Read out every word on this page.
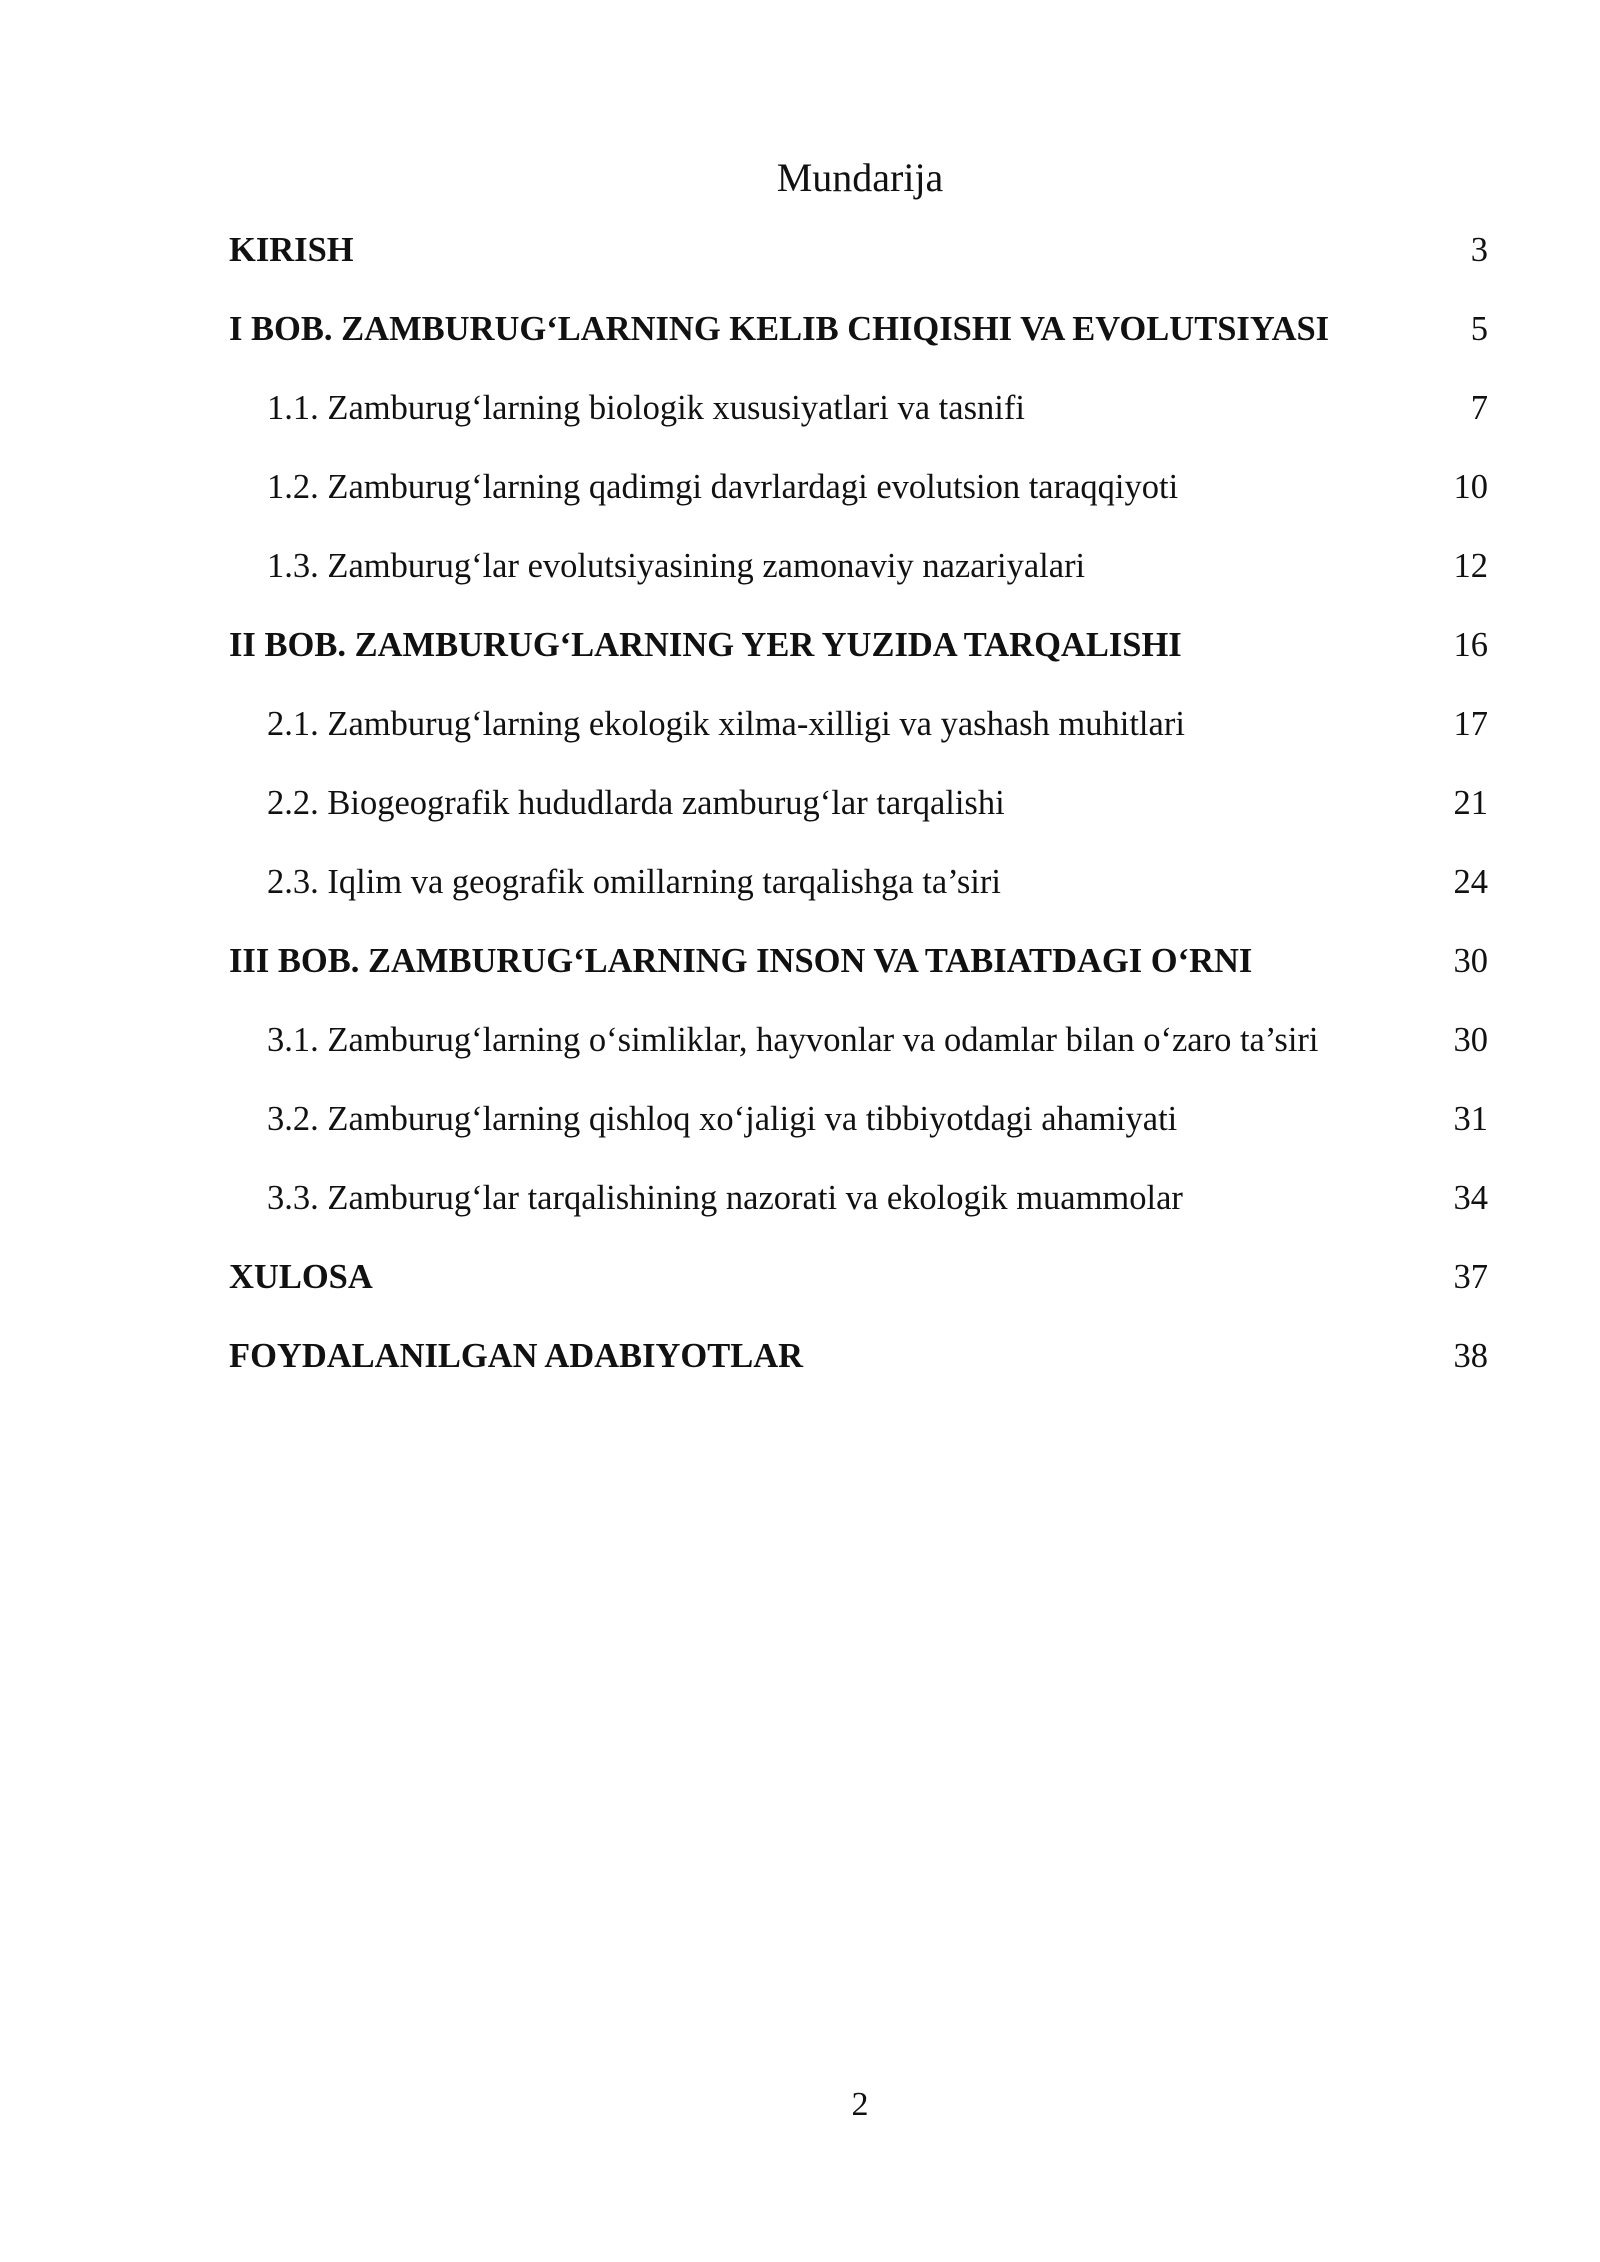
Mundarija
KIRISH	3
I BOB. ZAMBURUG‘LARNING KELIB CHIQISHI VA EVOLUTSIYASI	5
1.1. Zamburug‘larning biologik xususiyatlari va tasnifi	7
1.2. Zamburug‘larning qadimgi davrlardagi evolutsion taraqqiyoti	10
1.3. Zamburug‘lar evolutsiyasining zamonaviy nazariyalari	12
II BOB. ZAMBURUG‘LARNING YER YUZIDA TARQALISHI	16
2.1. Zamburug‘larning ekologik xilma-xilligi va yashash muhitlari	17
2.2. Biogeografik hududlarda zamburug‘lar tarqalishi	21
2.3. Iqlim va geografik omillarning tarqalishga ta’siri	24
III BOB. ZAMBURUG‘LARNING INSON VA TABIATDAGI O‘RNI	30
3.1. Zamburug‘larning o‘simliklar, hayvonlar va odamlar bilan o‘zaro ta’siri	30
3.2. Zamburug‘larning qishloq xo‘jaligi va tibbiyotdagi ahamiyati	31
3.3. Zamburug‘lar tarqalishining nazorati va ekologik muammolar	34
XULOSA	37
FOYDALANILGAN ADABIYOTLAR	38
2
